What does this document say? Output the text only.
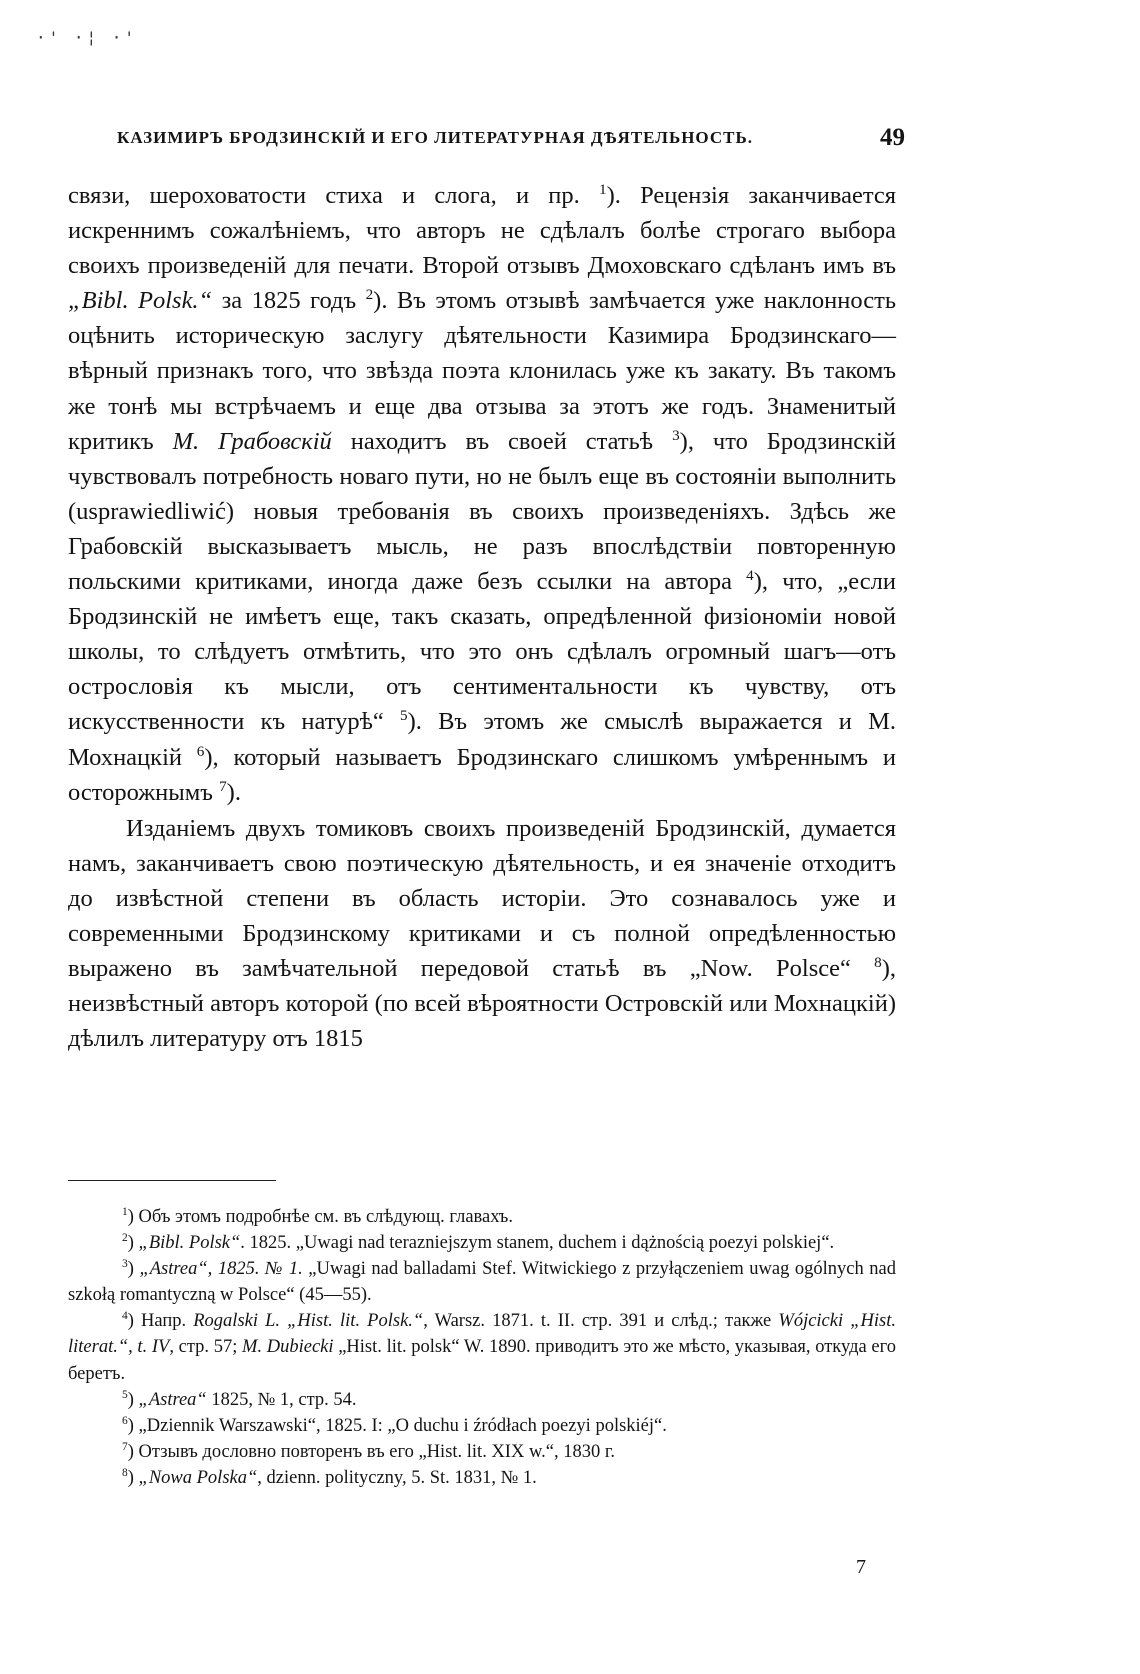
·' ·¦ ·'
КАЗИМИРЪ БРОДЗИНСКІЙ И ЕГО ЛИТЕРАТУРНАЯ ДѢЯТЕЛЬНОСТЬ.	49

связи, шероховатости стиха и слога, и пр. $^1$). Рецензія заканчивается искреннимъ сожалѣніемъ, что авторъ не сдѣлалъ болѣе строгаго выбора своихъ произведеній для печати. Второй отзывъ Дмоховскаго сдѣланъ имъ въ „Bibl. Polsk.“ за 1825 годъ $^2$). Въ этомъ отзывѣ замѣчается уже наклонность оцѣнить историческую заслугу дѣятельности Казимира Бродзинскаго—вѣрный признакъ того, что звѣзда поэта клонилась уже къ закату. Въ такомъ же тонѣ мы встрѣчаемъ и еще два отзыва за этотъ же годъ. Знаменитый критикъ М. Грабовскій находитъ въ своей статьѣ $^3$), что Бродзинскій чувствовалъ потребность новаго пути, но не былъ еще въ состояніи выполнить (usprawiedliwić) новыя требованія въ своихъ произведеніяхъ. Здѣсь же Грабовскій высказываетъ мысль, не разъ впослѣдствіи повторенную польскими критиками, иногда даже безъ ссылки на автора $^4$), что, „если Бродзинскій не имѣетъ еще, такъ сказать, опредѣленной физіономіи новой школы, то слѣдуетъ отмѣтить, что это онъ сдѣлалъ огромный шагъ—отъ острословія къ мысли, отъ сентиментальности къ чувству, отъ искусственности къ натурѣ“ $^5$). Въ этомъ же смыслѣ выражается и М. Мохнацкій $^6$), который называетъ Бродзинскаго слишкомъ умѣреннымъ и осторожнымъ $^7$).

Изданіемъ двухъ томиковъ своихъ произведеній Бродзинскій, думается намъ, заканчиваетъ свою поэтическую дѣятельность, и ея значеніе отходитъ до извѣстной степени въ область исторіи. Это сознавалось уже и современными Бродзинскому критиками и съ полной опредѣленностью выражено въ замѣчательной передовой статьѣ въ „Now. Polsce“ $^8$), неизвѣстный авторъ которой (по всей вѣроятности Островскій или Мохнацкій) дѣлилъ литературу отъ 1815

$^1$) Объ этомъ подробнѣе см. въ слѣдующ. главахъ.

$^2$) „Bibl. Polsk“. 1825. „Uwagi nad terazniejszym stanem, duchem i dążnością poezyi polskiej“.

$^3$) „Astrea“, 1825. № 1. „Uwagi nad balladami Stef. Witwickiego z przyłączeniem uwag ogólnych nad szkołą romantyczną w Polsce“ (45—55).

$^4$) Напр. Rogalski L. „Hist. lit. Polsk.“, Warsz. 1871. t. II. стр. 391 и слѣд.; также Wójcicki „Hist. literat.“, t. IV, стр. 57; M. Dubiecki „Hist. lit. polsk“ W. 1890. приводитъ это же мѣсто, указывая, откуда его беретъ.

$^5$) „Astrea“ 1825, № 1, стр. 54.

$^6$) „Dziennik Warszawski“, 1825. I: „O duchu i źródłach poezyi polskiéj“.

$^7$) Отзывъ дословно повторенъ въ его „Hist. lit. XIX w.“, 1830 г.

$^8$) „Nowa Polska“, dzienn. polityczny, 5. St. 1831, № 1.

7
